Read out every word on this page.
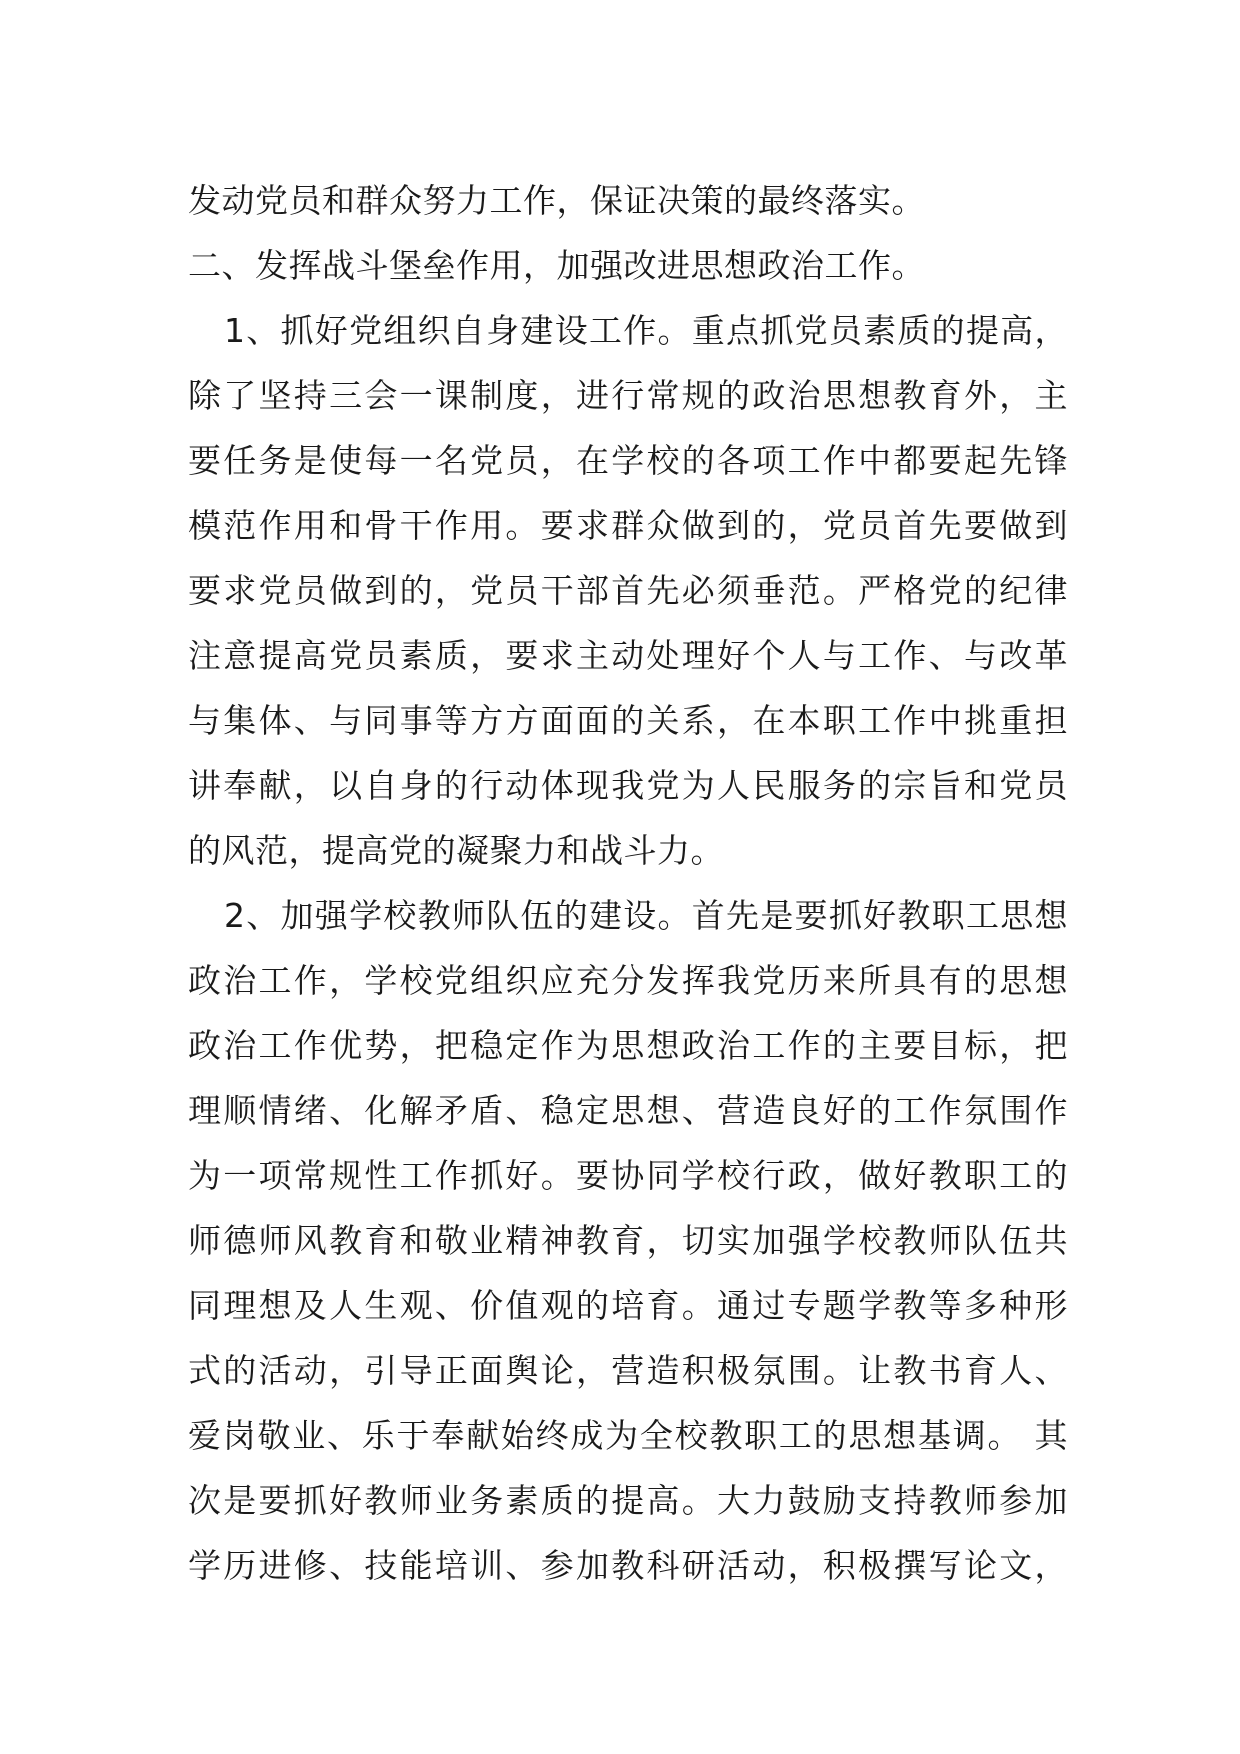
发动党员和群众努力工作，保证决策的最终落实。
二、发挥战斗堡垒作用，加强改进思想政治工作。
1、抓好党组织自身建设工作。重点抓党员素质的提高，
除了坚持三会一课制度，进行常规的政治思想教育外，主
要任务是使每一名党员，在学校的各项工作中都要起先锋
模范作用和骨干作用。要求群众做到的，党员首先要做到
要求党员做到的，党员干部首先必须垂范。严格党的纪律
注意提高党员素质，要求主动处理好个人与工作、与改革
与集体、与同事等方方面面的关系，在本职工作中挑重担
讲奉献，以自身的行动体现我党为人民服务的宗旨和党员
的风范，提高党的凝聚力和战斗力。
2、加强学校教师队伍的建设。首先是要抓好教职工思想
政治工作，学校党组织应充分发挥我党历来所具有的思想
政治工作优势，把稳定作为思想政治工作的主要目标，把
理顺情绪、化解矛盾、稳定思想、营造良好的工作氛围作
为一项常规性工作抓好。要协同学校行政，做好教职工的
师德师风教育和敬业精神教育，切实加强学校教师队伍共
同理想及人生观、价值观的培育。通过专题学教等多种形
式的活动，引导正面舆论，营造积极氛围。让教书育人、
爱岗敬业、乐于奉献始终成为全校教职工的思想基调。 其
次是要抓好教师业务素质的提高。大力鼓励支持教师参加
学历进修、技能培训、参加教科研活动，积极撰写论文，
